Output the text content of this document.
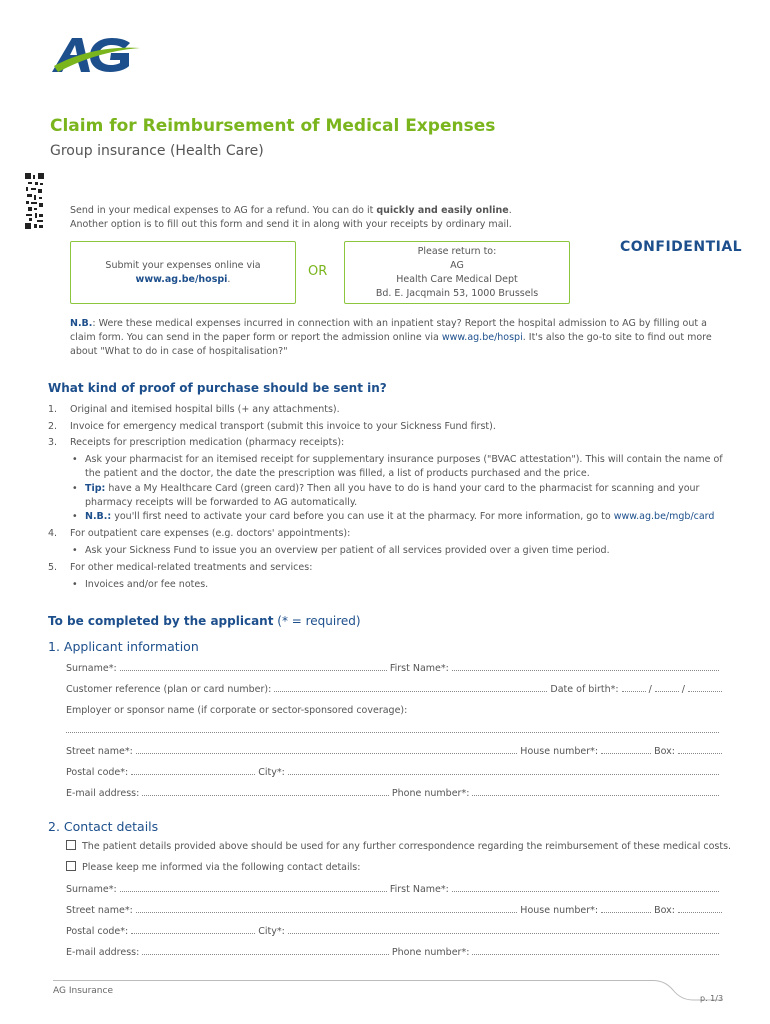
Claim for Reimbursement of Medical Expenses
Group insurance (Health Care)
Send in your medical expenses to AG for a refund. You can do it quickly and easily online.
Another option is to fill out this form and send it in along with your receipts by ordinary mail.
Submit your expenses online via
www.ag.be/hospi.	OR
Please return to:
AG
Health Care Medical Dept
Bd. E. Jacqmain 53, 1000 Brussels
CONFIDENTIAL
N.B.: Were these medical expenses incurred in connection with an inpatient stay? Report the hospital admission to AG by filling out a claim form. You can send in the paper form or report the admission online via www.ag.be/hospi. It's also the go-to site to find out more about "What to do in case of hospitalisation?"
What kind of proof of purchase should be sent in?
1.	Original and itemised hospital bills (+ any attachments).
2.	Invoice for emergency medical transport (submit this invoice to your Sickness Fund first).
3.	Receipts for prescription medication (pharmacy receipts):
• Ask your pharmacist for an itemised receipt for supplementary insurance purposes ("BVAC attestation"). This will contain the name of the patient and the doctor, the date the prescription was filled, a list of products purchased and the price.
• Tip: have a My Healthcare Card (green card)? Then all you have to do is hand your card to the pharmacist for scanning and your pharmacy receipts will be forwarded to AG automatically.
• N.B.: you'll first need to activate your card before you can use it at the pharmacy. For more information, go to www.ag.be/mgb/card
4.	For outpatient care expenses (e.g. doctors' appointments):
• Ask your Sickness Fund to issue you an overview per patient of all services provided over a given time period.
5.	For other medical-related treatments and services:
• Invoices and/or fee notes.
To be completed by the applicant (* = required)
1. Applicant information
Surname*:	First Name*:
Customer reference (plan or card number):	Date of birth*:	/	/
Employer or sponsor name (if corporate or sector-sponsored coverage):
Street name*:	House number*:	Box:
Postal code*:	City*:
E-mail address:	Phone number*:
2. Contact details
The patient details provided above should be used for any further correspondence regarding the reimbursement of these medical costs.
Please keep me informed via the following contact details:
Surname*:	First Name*:
Street name*:	House number*:	Box:
Postal code*:	City*:
E-mail address:	Phone number*:
AG Insurance
p. 1/3
